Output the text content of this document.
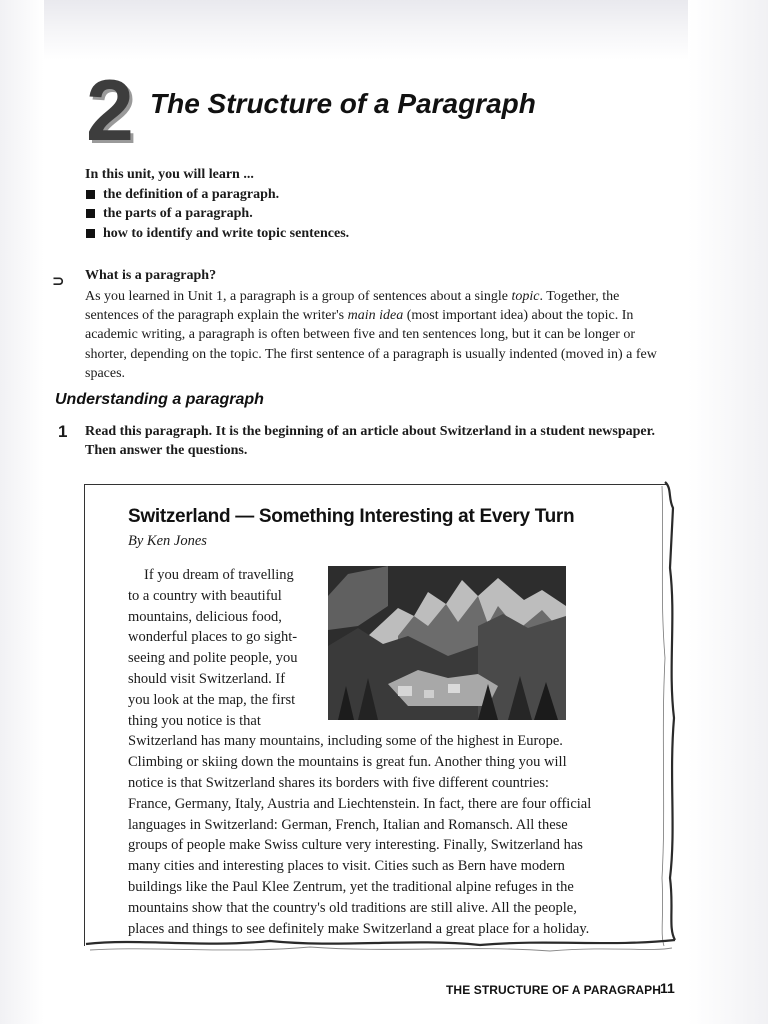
2 The Structure of a Paragraph
In this unit, you will learn ...
the definition of a paragraph.
the parts of a paragraph.
how to identify and write topic sentences.
⊃ What is a paragraph?
As you learned in Unit 1, a paragraph is a group of sentences about a single topic. Together, the sentences of the paragraph explain the writer's main idea (most important idea) about the topic. In academic writing, a paragraph is often between five and ten sentences long, but it can be longer or shorter, depending on the topic. The first sentence of a paragraph is usually indented (moved in) a few spaces.
Understanding a paragraph
1 Read this paragraph. It is the beginning of an article about Switzerland in a student newspaper. Then answer the questions.
Switzerland — Something Interesting at Every Turn
By Ken Jones
If you dream of travelling
to a country with beautiful
mountains, delicious food,
wonderful places to go sight-
seeing and polite people, you
should visit Switzerland. If
you look at the map, the first
thing you notice is that
Switzerland has many mountains, including some of the highest in Europe.
Climbing or skiing down the mountains is great fun. Another thing you will
notice is that Switzerland shares its borders with five different countries:
France, Germany, Italy, Austria and Liechtenstein. In fact, there are four official
languages in Switzerland: German, French, Italian and Romansch. All these
groups of people make Swiss culture very interesting. Finally, Switzerland has
many cities and interesting places to visit. Cities such as Bern have modern
buildings like the Paul Klee Zentrum, yet the traditional alpine refuges in the
mountains show that the country's old traditions are still alive. All the people,
places and things to see definitely make Switzerland a great place for a holiday.
THE STRUCTURE OF A PARAGRAPH
11
